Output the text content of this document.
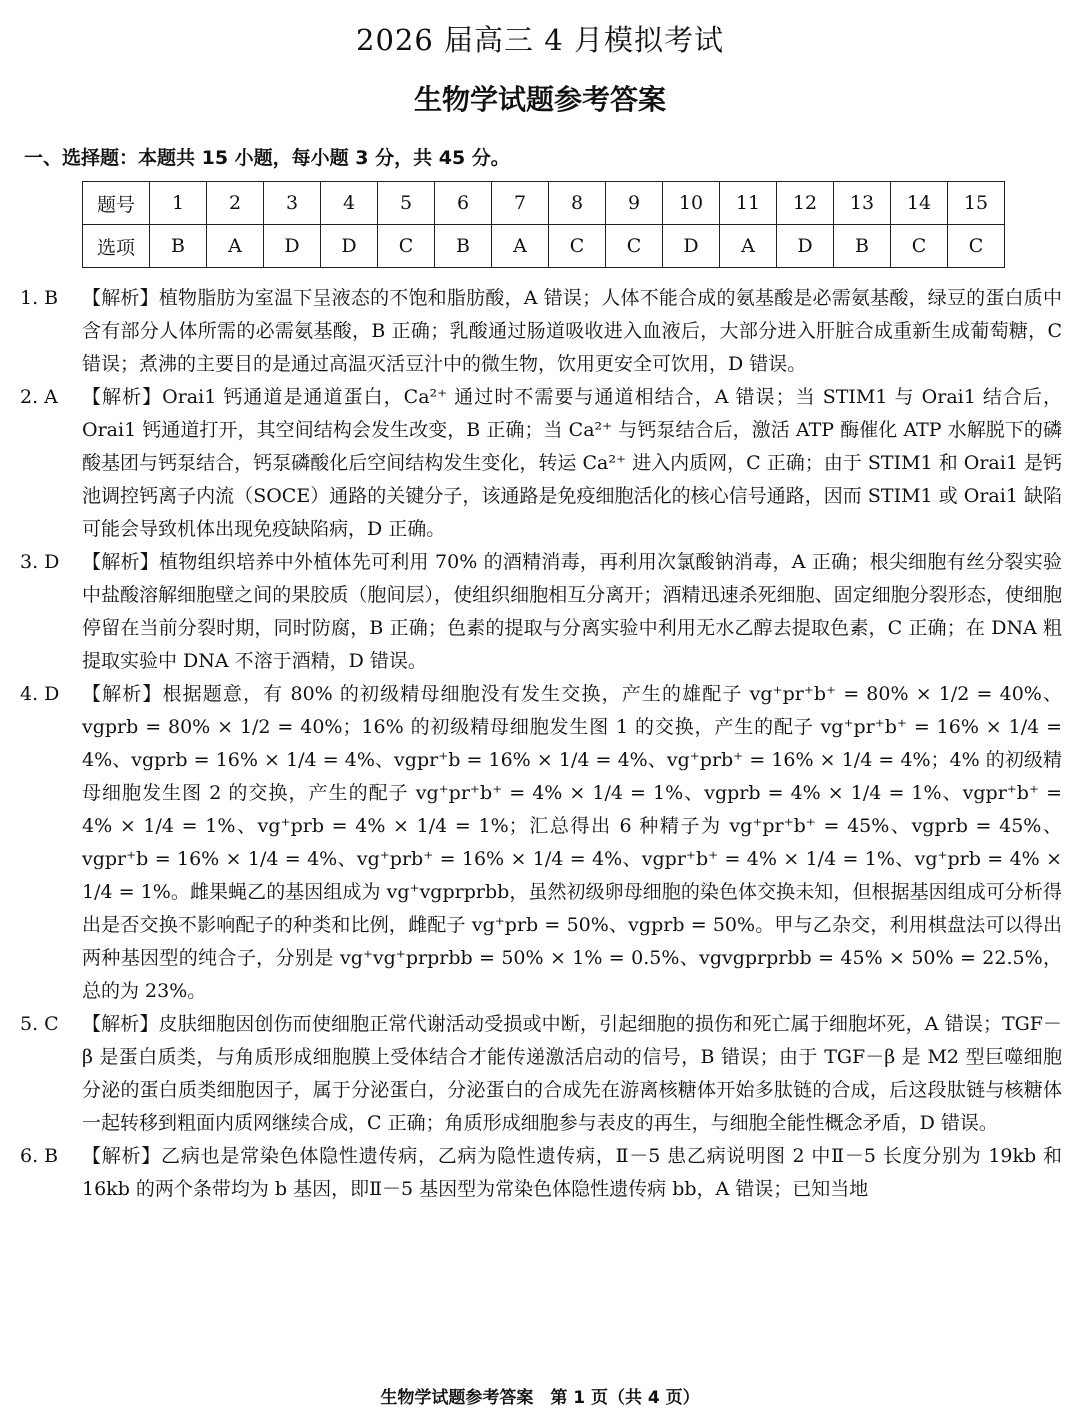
2026 届高三 4 月模拟考试
生物学试题参考答案
一、选择题：本题共 15 小题，每小题 3 分，共 45 分。
题号	1	2	3	4	5	6	7	8	9	10	11	12	13	14	15
选项	B	A	D	D	C	B	A	C	C	D	A	D	B	C	C
1. B	【解析】植物脂肪为室温下呈液态的不饱和脂肪酸，A 错误；人体不能合成的氨基酸是必需氨基酸，绿豆的蛋白质中含有部分人体所需的必需氨基酸，B 正确；乳酸通过肠道吸收进入血液后，大部分进入肝脏合成重新生成葡萄糖，C 错误；煮沸的主要目的是通过高温灭活豆汁中的微生物，饮用更安全可饮用，D 错误。
2. A	【解析】Orai1 钙通道是通道蛋白，Ca²⁺ 通过时不需要与通道相结合，A 错误；当 STIM1 与 Orai1 结合后，Orai1 钙通道打开，其空间结构会发生改变，B 正确；当 Ca²⁺ 与钙泵结合后，激活 ATP 酶催化 ATP 水解脱下的磷酸基团与钙泵结合，钙泵磷酸化后空间结构发生变化，转运 Ca²⁺ 进入内质网，C 正确；由于 STIM1 和 Orai1 是钙池调控钙离子内流（SOCE）通路的关键分子，该通路是免疫细胞活化的核心信号通路，因而 STIM1 或 Orai1 缺陷可能会导致机体出现免疫缺陷病，D 正确。
3. D	【解析】植物组织培养中外植体先可利用 70% 的酒精消毒，再利用次氯酸钠消毒，A 正确；根尖细胞有丝分裂实验中盐酸溶解细胞壁之间的果胶质（胞间层），使组织细胞相互分离开；酒精迅速杀死细胞、固定细胞分裂形态，使细胞停留在当前分裂时期，同时防腐，B 正确；色素的提取与分离实验中利用无水乙醇去提取色素，C 正确；在 DNA 粗提取实验中 DNA 不溶于酒精，D 错误。
4. D	【解析】根据题意，有 80% 的初级精母细胞没有发生交换，产生的雄配子 vg⁺pr⁺b⁺ = 80% × 1/2 = 40%、vgprb = 80% × 1/2 = 40%；16% 的初级精母细胞发生图 1 的交换，产生的配子 vg⁺pr⁺b⁺ = 16% × 1/4 = 4%、vgprb = 16% × 1/4 = 4%、vgpr⁺b = 16% × 1/4 = 4%、vg⁺prb⁺ = 16% × 1/4 = 4%；4% 的初级精母细胞发生图 2 的交换，产生的配子 vg⁺pr⁺b⁺ = 4% × 1/4 = 1%、vgprb = 4% × 1/4 = 1%、vgpr⁺b⁺ = 4% × 1/4 = 1%、vg⁺prb = 4% × 1/4 = 1%；汇总得出 6 种精子为 vg⁺pr⁺b⁺ = 45%、vgprb = 45%、vgpr⁺b = 16% × 1/4 = 4%、vg⁺prb⁺ = 16% × 1/4 = 4%、vgpr⁺b⁺ = 4% × 1/4 = 1%、vg⁺prb = 4% × 1/4 = 1%。雌果蝇乙的基因组成为 vg⁺vgprprbb，虽然初级卵母细胞的染色体交换未知，但根据基因组成可分析得出是否交换不影响配子的种类和比例，雌配子 vg⁺prb = 50%、vgprb = 50%。甲与乙杂交，利用棋盘法可以得出两种基因型的纯合子，分别是 vg⁺vg⁺prprbb = 50% × 1% = 0.5%、vgvgprprbb = 45% × 50% = 22.5%，总的为 23%。
5. C	【解析】皮肤细胞因创伤而使细胞正常代谢活动受损或中断，引起细胞的损伤和死亡属于细胞坏死，A 错误；TGF－β 是蛋白质类，与角质形成细胞膜上受体结合才能传递激活启动的信号，B 错误；由于 TGF－β 是 M2 型巨噬细胞分泌的蛋白质类细胞因子，属于分泌蛋白，分泌蛋白的合成先在游离核糖体开始多肽链的合成，后这段肽链与核糖体一起转移到粗面内质网继续合成，C 正确；角质形成细胞参与表皮的再生，与细胞全能性概念矛盾，D 错误。
6. B	【解析】乙病也是常染色体隐性遗传病，乙病为隐性遗传病，Ⅱ－5 患乙病说明图 2 中Ⅱ－5 长度分别为 19kb 和 16kb 的两个条带均为 b 基因，即Ⅱ－5 基因型为常染色体隐性遗传病 bb，A 错误；已知当地
生物学试题参考答案　第 1 页（共 4 页）
